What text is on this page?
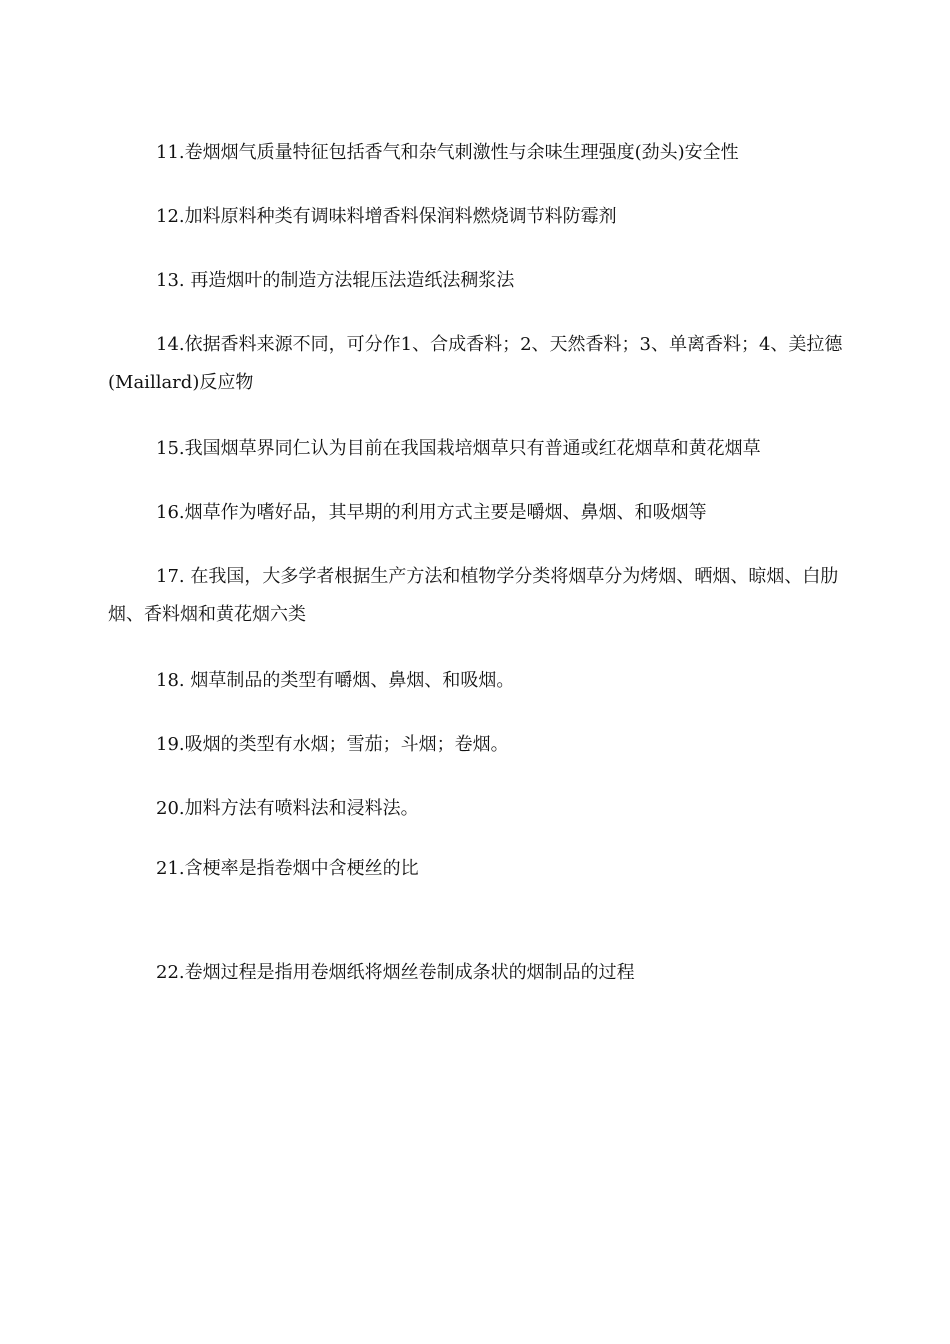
11.卷烟烟气质量特征包括香气和杂气刺激性与余味生理强度(劲头)安全性

12.加料原料种类有调味料增香料保润料燃烧调节料防霉剂

13. 再造烟叶的制造方法辊压法造纸法稠浆法

14.依据香料来源不同，可分作1、合成香料；2、天然香料；3、单离香料；4、美拉德(Maillard)反应物

15.我国烟草界同仁认为目前在我国栽培烟草只有普通或红花烟草和黄花烟草

16.烟草作为嗜好品，其早期的利用方式主要是嚼烟、鼻烟、和吸烟等

17. 在我国，大多学者根据生产方法和植物学分类将烟草分为烤烟、晒烟、晾烟、白肋烟、香料烟和黄花烟六类

18. 烟草制品的类型有嚼烟、鼻烟、和吸烟。

19.吸烟的类型有水烟；雪茄；斗烟；卷烟。

20.加料方法有喷料法和浸料法。

21.含梗率是指卷烟中含梗丝的比

22.卷烟过程是指用卷烟纸将烟丝卷制成条状的烟制品的过程
